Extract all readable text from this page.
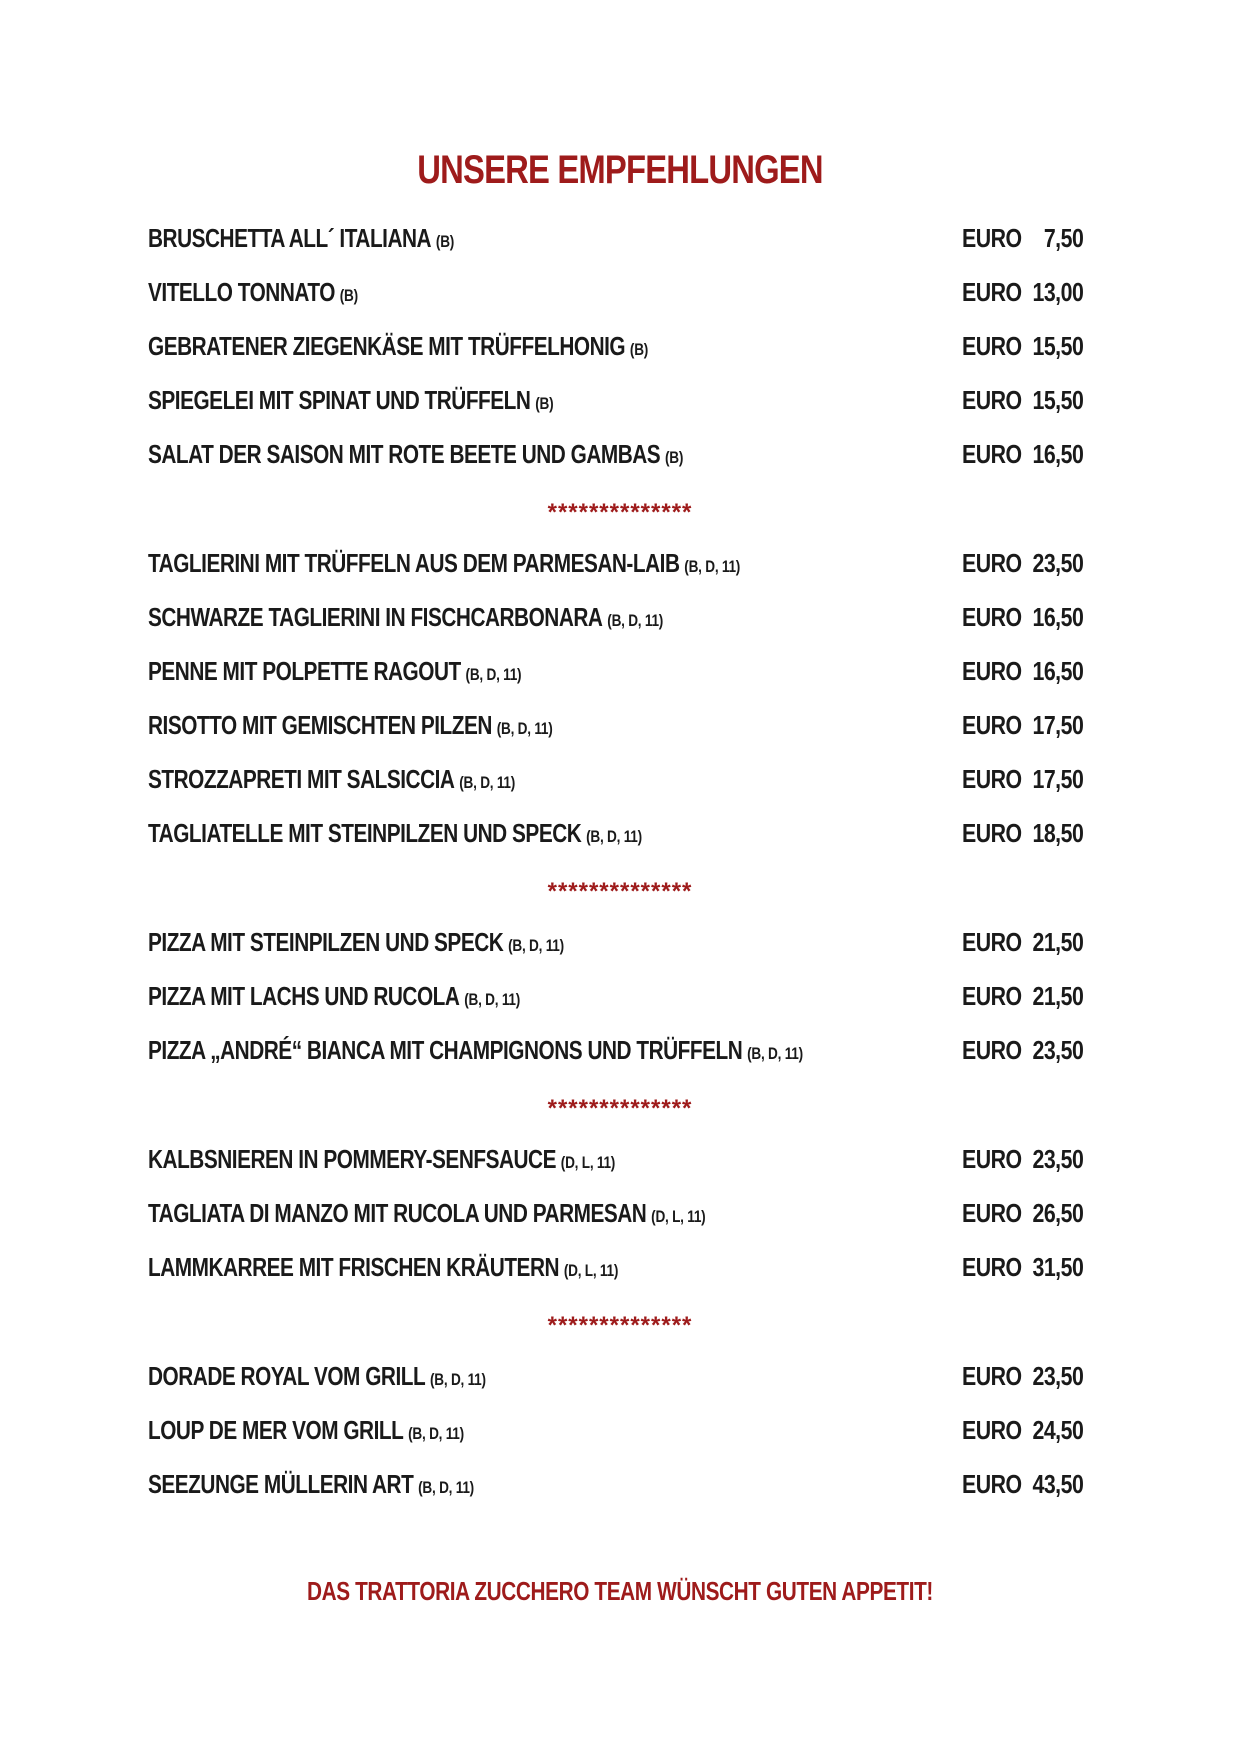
UNSERE EMPFEHLUNGEN
BRUSCHETTA ALL´ ITALIANA (B)	EURO 7,50
VITELLO TONNATO (B)	EURO 13,00
GEBRATENER ZIEGENKÄSE MIT TRÜFFELHONIG (B)	EURO 15,50
SPIEGELEI MIT SPINAT UND TRÜFFELN (B)	EURO 15,50
SALAT DER SAISON MIT ROTE BEETE UND GAMBAS (B)	EURO 16,50
**************
TAGLIERINI MIT TRÜFFELN AUS DEM PARMESAN-LAIB (B, D, 11)	EURO 23,50
SCHWARZE TAGLIERINI IN FISCHCARBONARA (B, D, 11)	EURO 16,50
PENNE MIT POLPETTE RAGOUT (B, D, 11)	EURO 16,50
RISOTTO MIT GEMISCHTEN PILZEN (B, D, 11)	EURO 17,50
STROZZAPRETI MIT SALSICCIA (B, D, 11)	EURO 17,50
TAGLIATELLE MIT STEINPILZEN UND SPECK (B, D, 11)	EURO 18,50
**************
PIZZA MIT STEINPILZEN UND SPECK (B, D, 11)	EURO 21,50
PIZZA MIT LACHS UND RUCOLA (B, D, 11)	EURO 21,50
PIZZA „ANDRÉ“ BIANCA MIT CHAMPIGNONS UND TRÜFFELN (B, D, 11)	EURO 23,50
**************
KALBSNIEREN IN POMMERY-SENFSAUCE (D, L, 11)	EURO 23,50
TAGLIATA DI MANZO MIT RUCOLA UND PARMESAN (D, L, 11)	EURO 26,50
LAMMKARREE MIT FRISCHEN KRÄUTERN (D, L, 11)	EURO 31,50
**************
DORADE ROYAL VOM GRILL (B, D, 11)	EURO 23,50
LOUP DE MER VOM GRILL (B, D, 11)	EURO 24,50
SEEZUNGE MÜLLERIN ART (B, D, 11)	EURO 43,50
DAS TRATTORIA ZUCCHERO TEAM WÜNSCHT GUTEN APPETIT!
